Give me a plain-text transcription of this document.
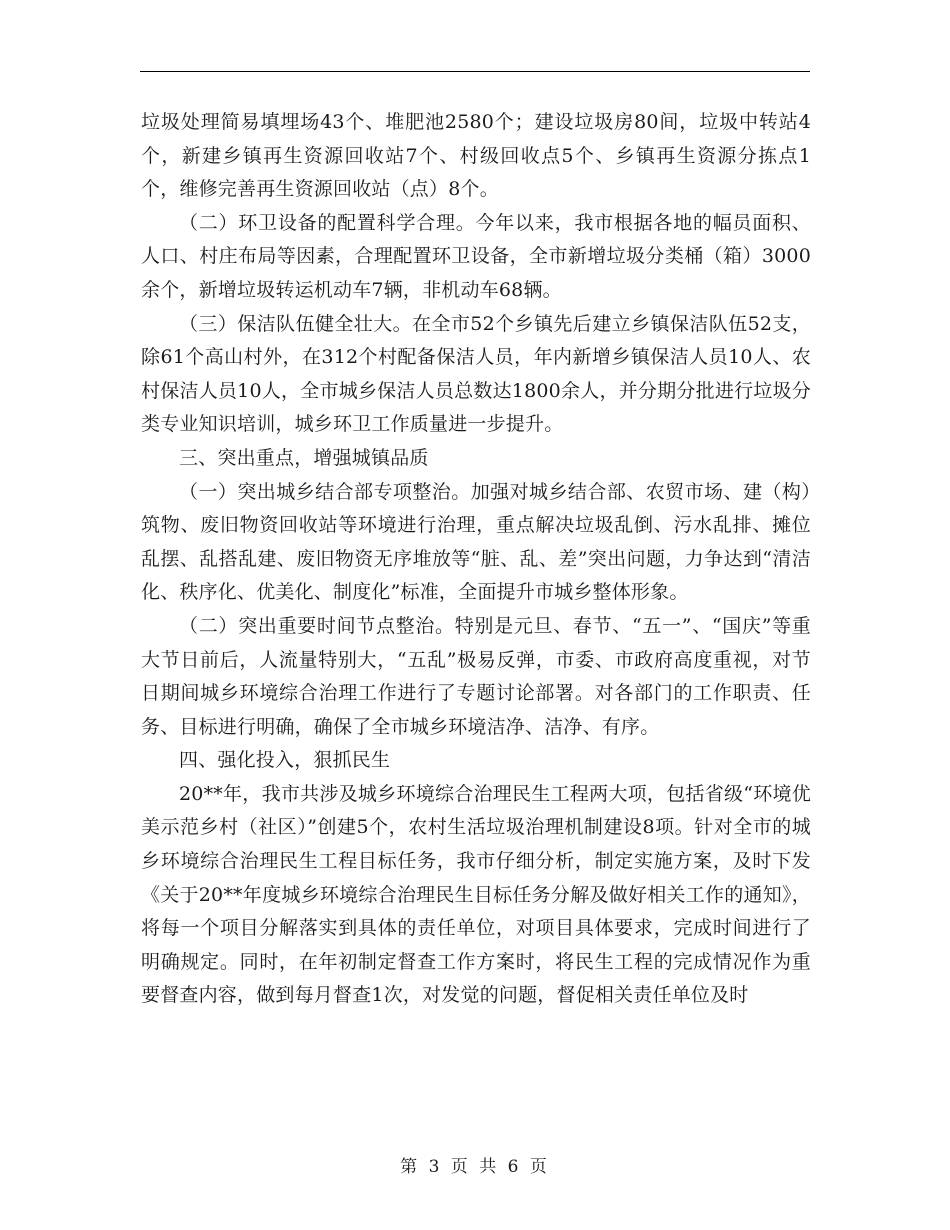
垃圾处理简易填埋场43个、堆肥池2580个；建设垃圾房80间，垃圾中转站4个，新建乡镇再生资源回收站7个、村级回收点5个、乡镇再生资源分拣点1个，维修完善再生资源回收站（点）8个。

（二）环卫设备的配置科学合理。今年以来，我市根据各地的幅员面积、人口、村庄布局等因素，合理配置环卫设备，全市新增垃圾分类桶（箱）3000余个，新增垃圾转运机动车7辆，非机动车68辆。

（三）保洁队伍健全壮大。在全市52个乡镇先后建立乡镇保洁队伍52支，除61个高山村外，在312个村配备保洁人员，年内新增乡镇保洁人员10人、农村保洁人员10人，全市城乡保洁人员总数达1800余人，并分期分批进行垃圾分类专业知识培训，城乡环卫工作质量进一步提升。

三、突出重点，增强城镇品质

（一）突出城乡结合部专项整治。加强对城乡结合部、农贸市场、建（构）筑物、废旧物资回收站等环境进行治理，重点解决垃圾乱倒、污水乱排、摊位乱摆、乱搭乱建、废旧物资无序堆放等“脏、乱、差”突出问题，力争达到“清洁化、秩序化、优美化、制度化”标准，全面提升市城乡整体形象。

（二）突出重要时间节点整治。特别是元旦、春节、“五一”、“国庆”等重大节日前后，人流量特别大，“五乱”极易反弹，市委、市政府高度重视，对节日期间城乡环境综合治理工作进行了专题讨论部署。对各部门的工作职责、任务、目标进行明确，确保了全市城乡环境洁净、洁净、有序。

四、强化投入，狠抓民生

20**年，我市共涉及城乡环境综合治理民生工程两大项，包括省级“环境优美示范乡村（社区）”创建5个，农村生活垃圾治理机制建设8项。针对全市的城乡环境综合治理民生工程目标任务，我市仔细分析，制定实施方案，及时下发《关于20**年度城乡环境综合治理民生目标任务分解及做好相关工作的通知》，将每一个项目分解落实到具体的责任单位，对项目具体要求，完成时间进行了明确规定。同时，在年初制定督查工作方案时，将民生工程的完成情况作为重要督查内容，做到每月督查1次，对发觉的问题，督促相关责任单位及时

第 3 页 共 6 页
